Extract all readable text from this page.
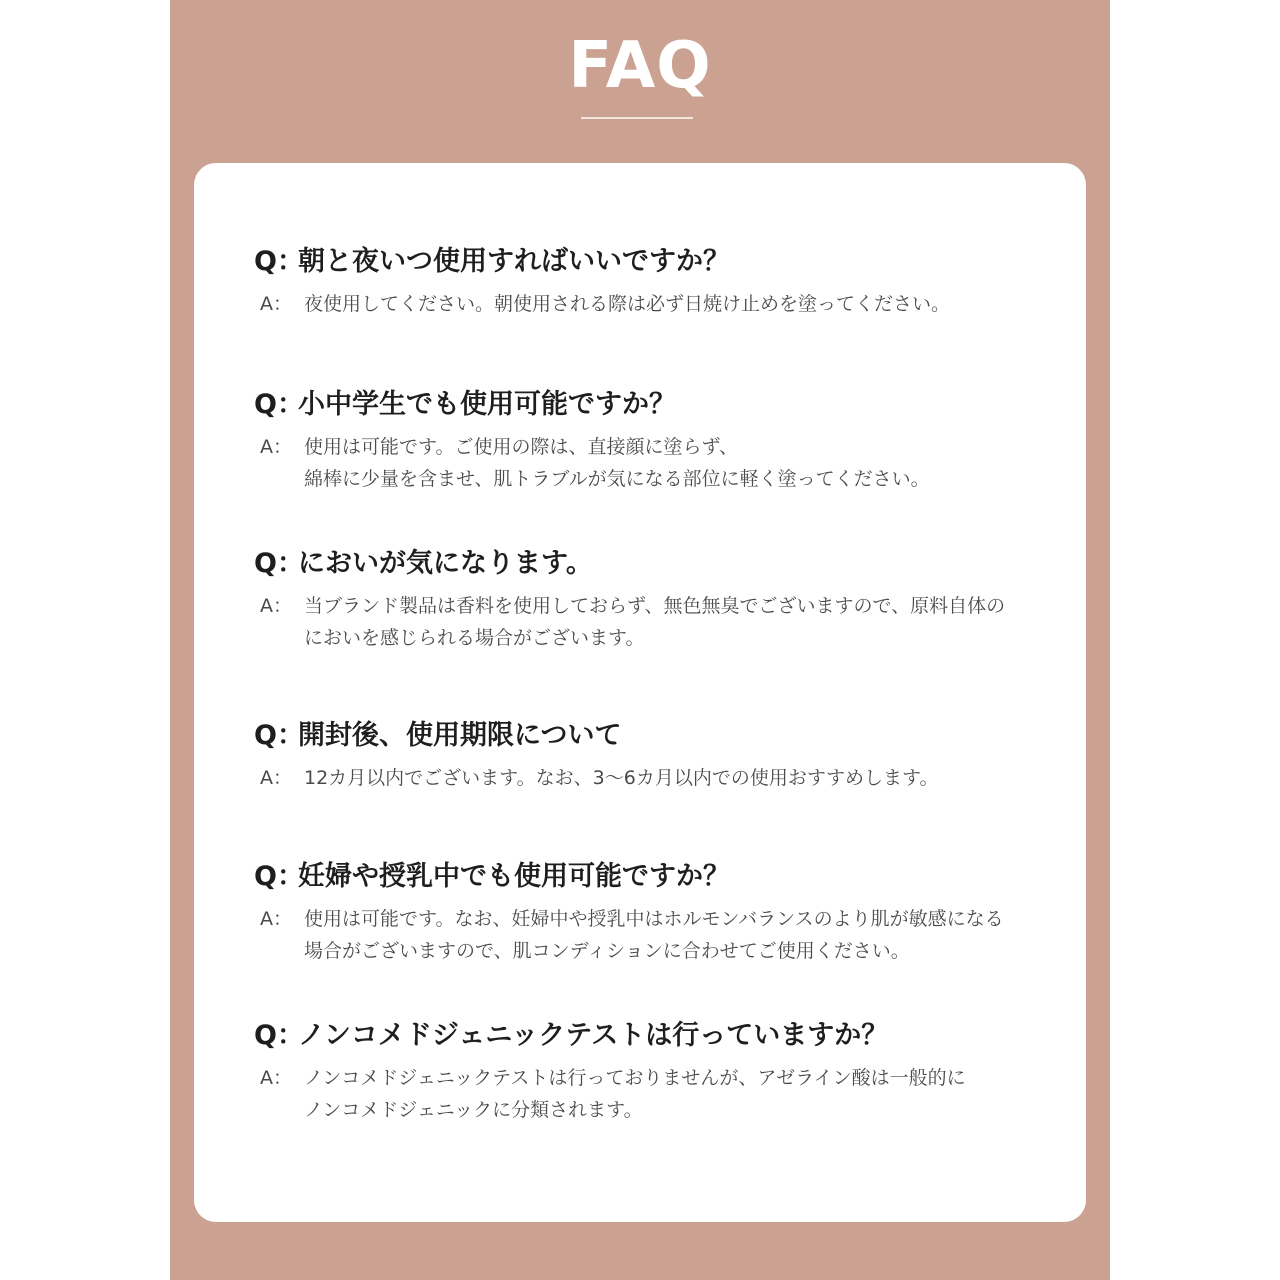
FAQ
Q：
朝と夜いつ使用すればいいですか？
A： 夜使用してください。朝使用される際は必ず日焼け止めを塗ってください。
Q：
小中学生でも使用可能ですか？
A： 使用は可能です。ご使用の際は、直接顔に塗らず、
綿棒に少量を含ませ、肌トラブルが気になる部位に軽く塗ってください。
Q：
においが気になります。
A： 当ブランド製品は香料を使用しておらず、無色無臭でございますので、原料自体の
においを感じられる場合がございます。
Q：
開封後、使用期限について
A： 12カ月以内でございます。なお、3〜6カ月以内での使用おすすめします。
Q：
妊婦や授乳中でも使用可能ですか？
A： 使用は可能です。なお、妊婦中や授乳中はホルモンバランスのより肌が敏感になる
場合がございますので、肌コンディションに合わせてご使用ください。
Q：
ノンコメドジェニックテストは行っていますか？
A： ノンコメドジェニックテストは行っておりませんが、アゼライン酸は一般的に
ノンコメドジェニックに分類されます。
